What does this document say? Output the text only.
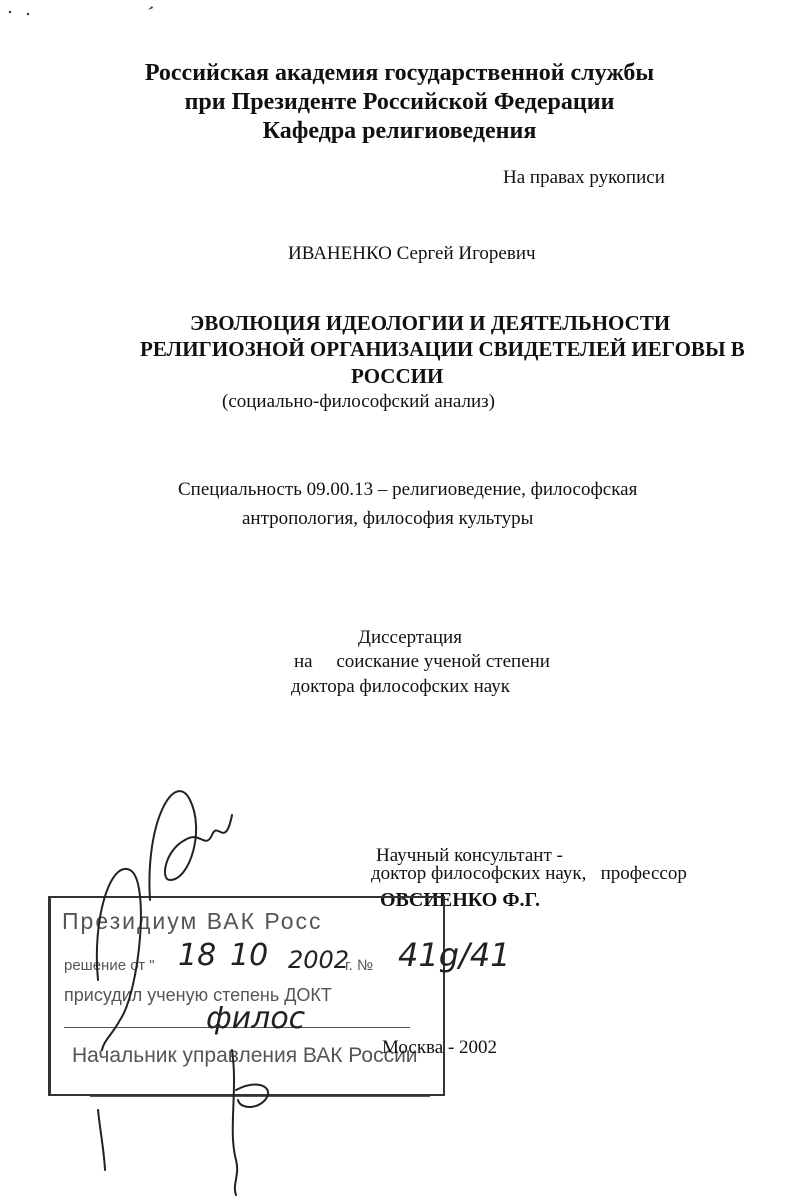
Российская академия государственной службы
при Президенте Российской Федерации
Кафедра религиоведения
На правах рукописи
ИВАНЕНКО Сергей Игоревич
ЭВОЛЮЦИЯ ИДЕОЛОГИИ И ДЕЯТЕЛЬНОСТИ
РЕЛИГИОЗНОЙ ОРГАНИЗАЦИИ СВИДЕТЕЛЕЙ ИЕГОВЫ В
РОССИИ
(социально-философский анализ)
Специальность 09.00.13 – религиоведение, философская
антропология, философия культуры
Диссертация
на     соискание ученой степени
доктора философских наук
Научный консультант -
доктор философских наук,   профессор
ОВСИЕНКО Ф.Г.
Президиум ВАК Росс
решение от " 18 10 2002
г. № 41g/41
присудил ученую степень ДОКТ
филос
Начальник управления ВАК России
Москва - 2002
